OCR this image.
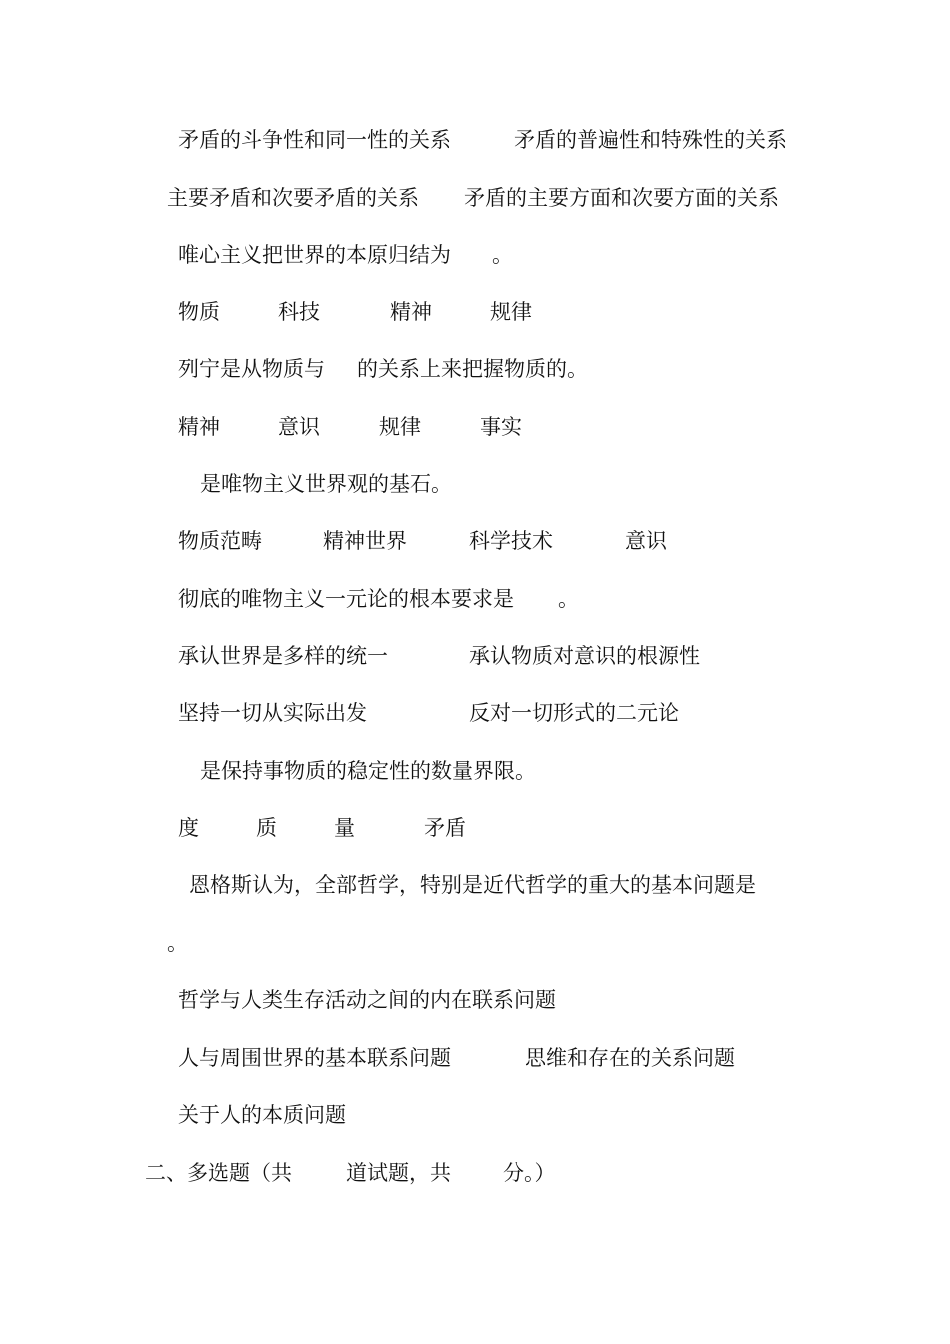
矛盾的斗争性和同一性的关系	矛盾的普遍性和特殊性的关系
主要矛盾和次要矛盾的关系 矛盾的主要方面和次要方面的关系
唯心主义把世界的本原归结为 。
物质	科技	精神	规律
列宁是从物质与 的关系上来把握物质的。
精神	意识	规律	事实
是唯物主义世界观的基石。
物质范畴	精神世界	科学技术	意识
彻底的唯物主义一元论的根本要求是 。
承认世界是多样的统一	承认物质对意识的根源性
坚持一切从实际出发	反对一切形式的二元论
是保持事物质的稳定性的数量界限。
度	质	量	矛盾
恩格斯认为，全部哲学，特别是近代哲学的重大的基本问题是
。
哲学与人类生存活动之间的内在联系问题
人与周围世界的基本联系问题	思维和存在的关系问题
关于人的本质问题
二、多选题（共	道试题，共 分。）
